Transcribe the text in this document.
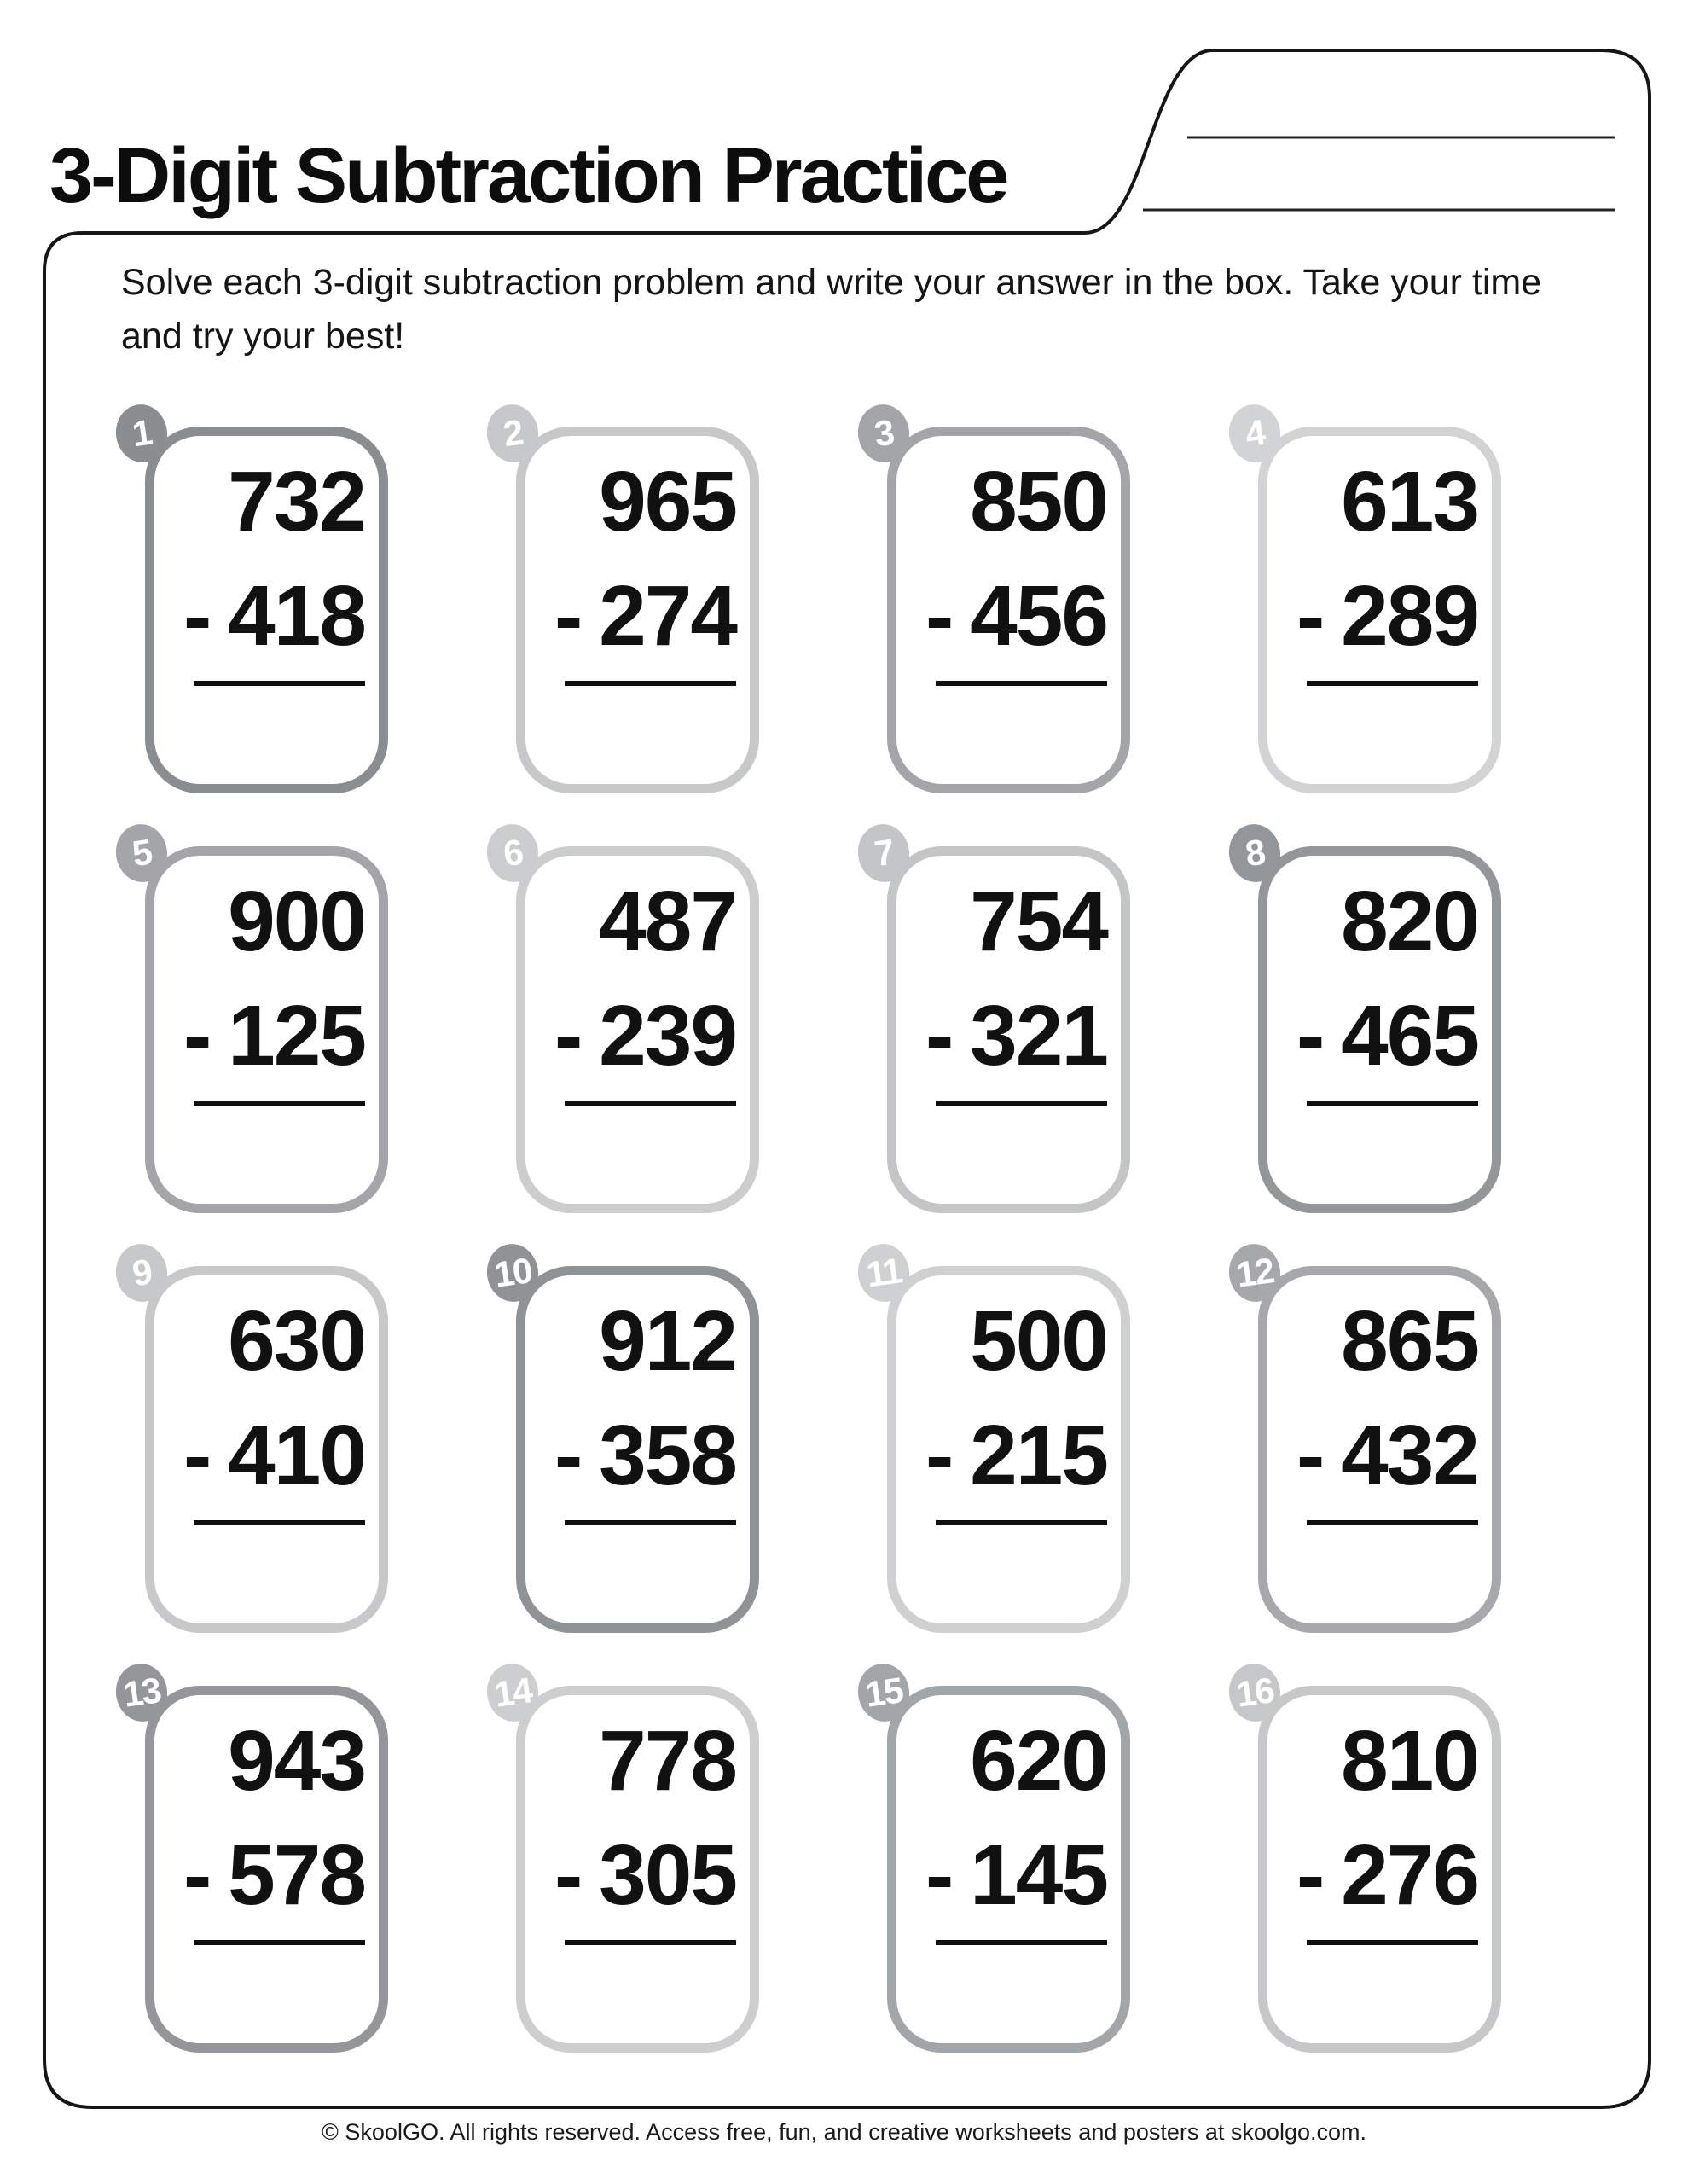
3-Digit Subtraction Practice
Solve each 3-digit subtraction problem and write your answer in the box. Take your time
and try your best!
1
732
- 418
2
965
- 274
3
850
- 456
4
613
- 289
5
900
- 125
6
487
- 239
7
754
- 321
8
820
- 465
9
630
- 410
10
912
- 358
11
500
- 215
12
865
- 432
13
943
- 578
14
778
- 305
15
620
- 145
16
810
- 276
© SkoolGO. All rights reserved. Access free, fun, and creative worksheets and posters at skoolgo.com.
